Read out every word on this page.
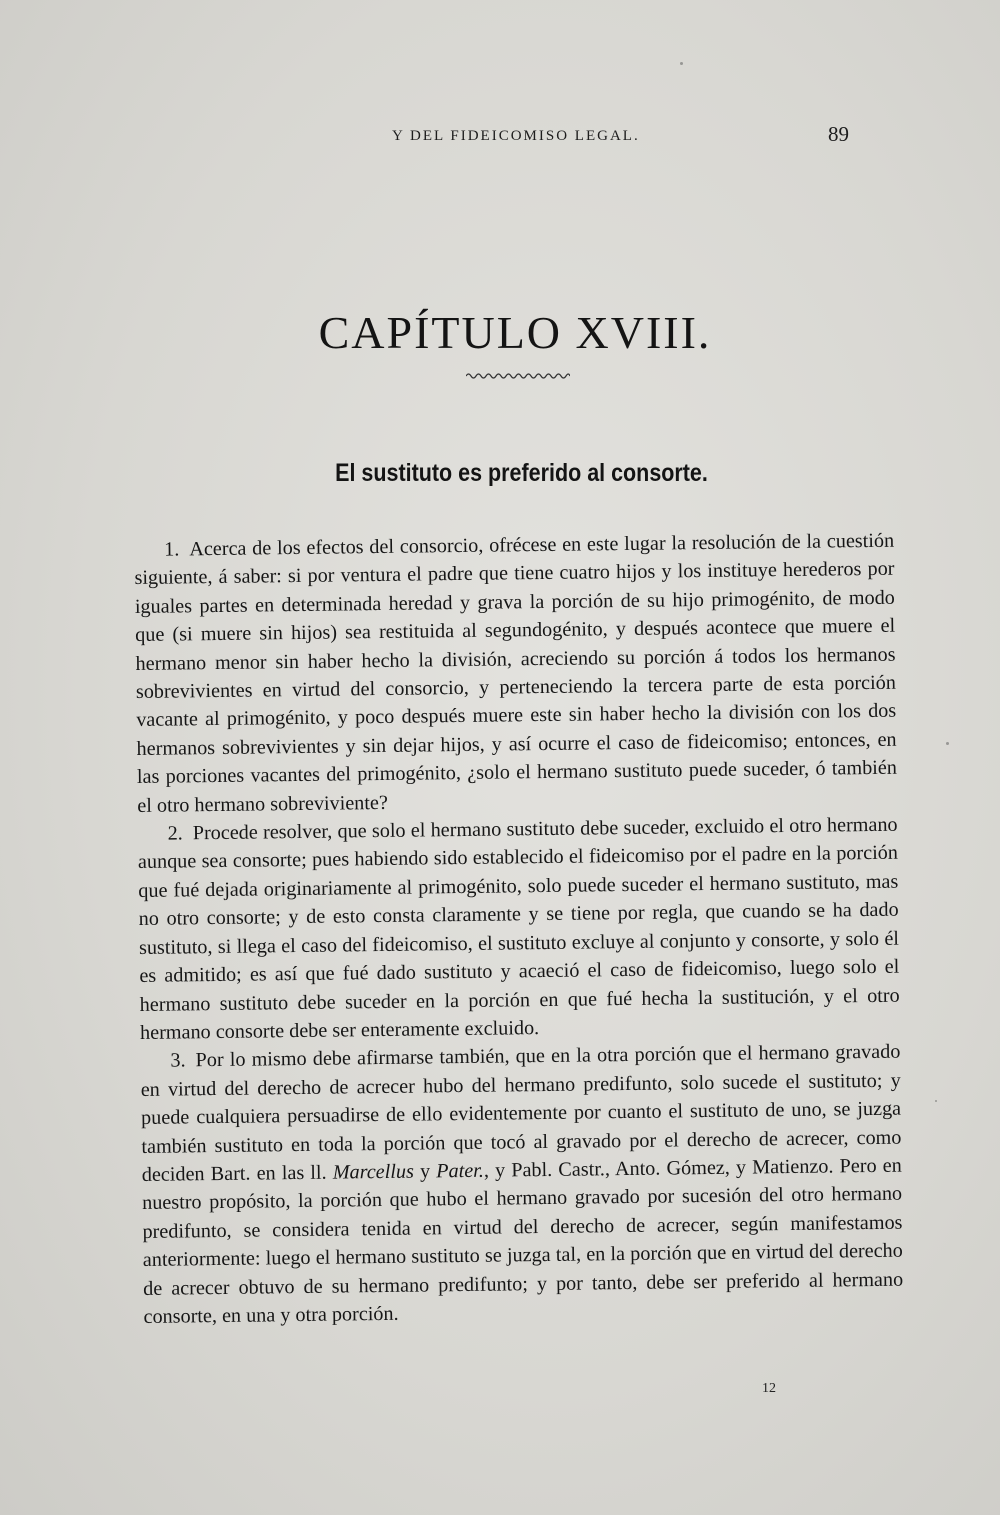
Y DEL FIDEICOMISO LEGAL.	89
CAPÍTULO XVIII.
El sustituto es preferido al consorte.

1. Acerca de los efectos del consorcio, ofrécese en este lugar la resolución de la cuestión siguiente, á saber: si por ventura el padre que tiene cuatro hijos y los instituye herederos por iguales partes en determinada heredad y grava la porción de su hijo primogénito, de modo que (si muere sin hijos) sea restituida al segundogénito, y después acontece que muere el hermano menor sin haber hecho la división, acreciendo su porción á todos los hermanos sobrevivientes en virtud del consorcio, y perteneciendo la tercera parte de esta porción vacante al primogénito, y poco después muere este sin haber hecho la división con los dos hermanos sobrevivientes y sin dejar hijos, y así ocurre el caso de fideicomiso; entonces, en las porciones vacantes del primogénito, ¿solo el hermano sustituto puede suceder, ó también el otro hermano sobreviviente?

2. Procede resolver, que solo el hermano sustituto debe suceder, excluido el otro hermano aunque sea consorte; pues habiendo sido establecido el fideicomiso por el padre en la porción que fué dejada originariamente al primogénito, solo puede suceder el hermano sustituto, mas no otro consorte; y de esto consta claramente y se tiene por regla, que cuando se ha dado sustituto, si llega el caso del fideicomiso, el sustituto excluye al conjunto y consorte, y solo él es admitido; es así que fué dado sustituto y acaeció el caso de fideicomiso, luego solo el hermano sustituto debe suceder en la porción en que fué hecha la sustitución, y el otro hermano consorte debe ser enteramente excluido.

3. Por lo mismo debe afirmarse también, que en la otra porción que el hermano gravado en virtud del derecho de acrecer hubo del hermano predifunto, solo sucede el sustituto; y puede cualquiera persuadirse de ello evidentemente por cuanto el sustituto de uno, se juzga también sustituto en toda la porción que tocó al gravado por el derecho de acrecer, como deciden Bart. en las ll. Marcellus y Pater., y Pabl. Castr., Anto. Gómez, y Matienzo. Pero en nuestro propósito, la porción que hubo el hermano gravado por sucesión del otro hermano predifunto, se considera tenida en virtud del derecho de acrecer, según manifestamos anteriormente: luego el hermano sustituto se juzga tal, en la porción que en virtud del derecho de acrecer obtuvo de su hermano predifunto; y por tanto, debe ser preferido al hermano consorte, en una y otra porción.

12
